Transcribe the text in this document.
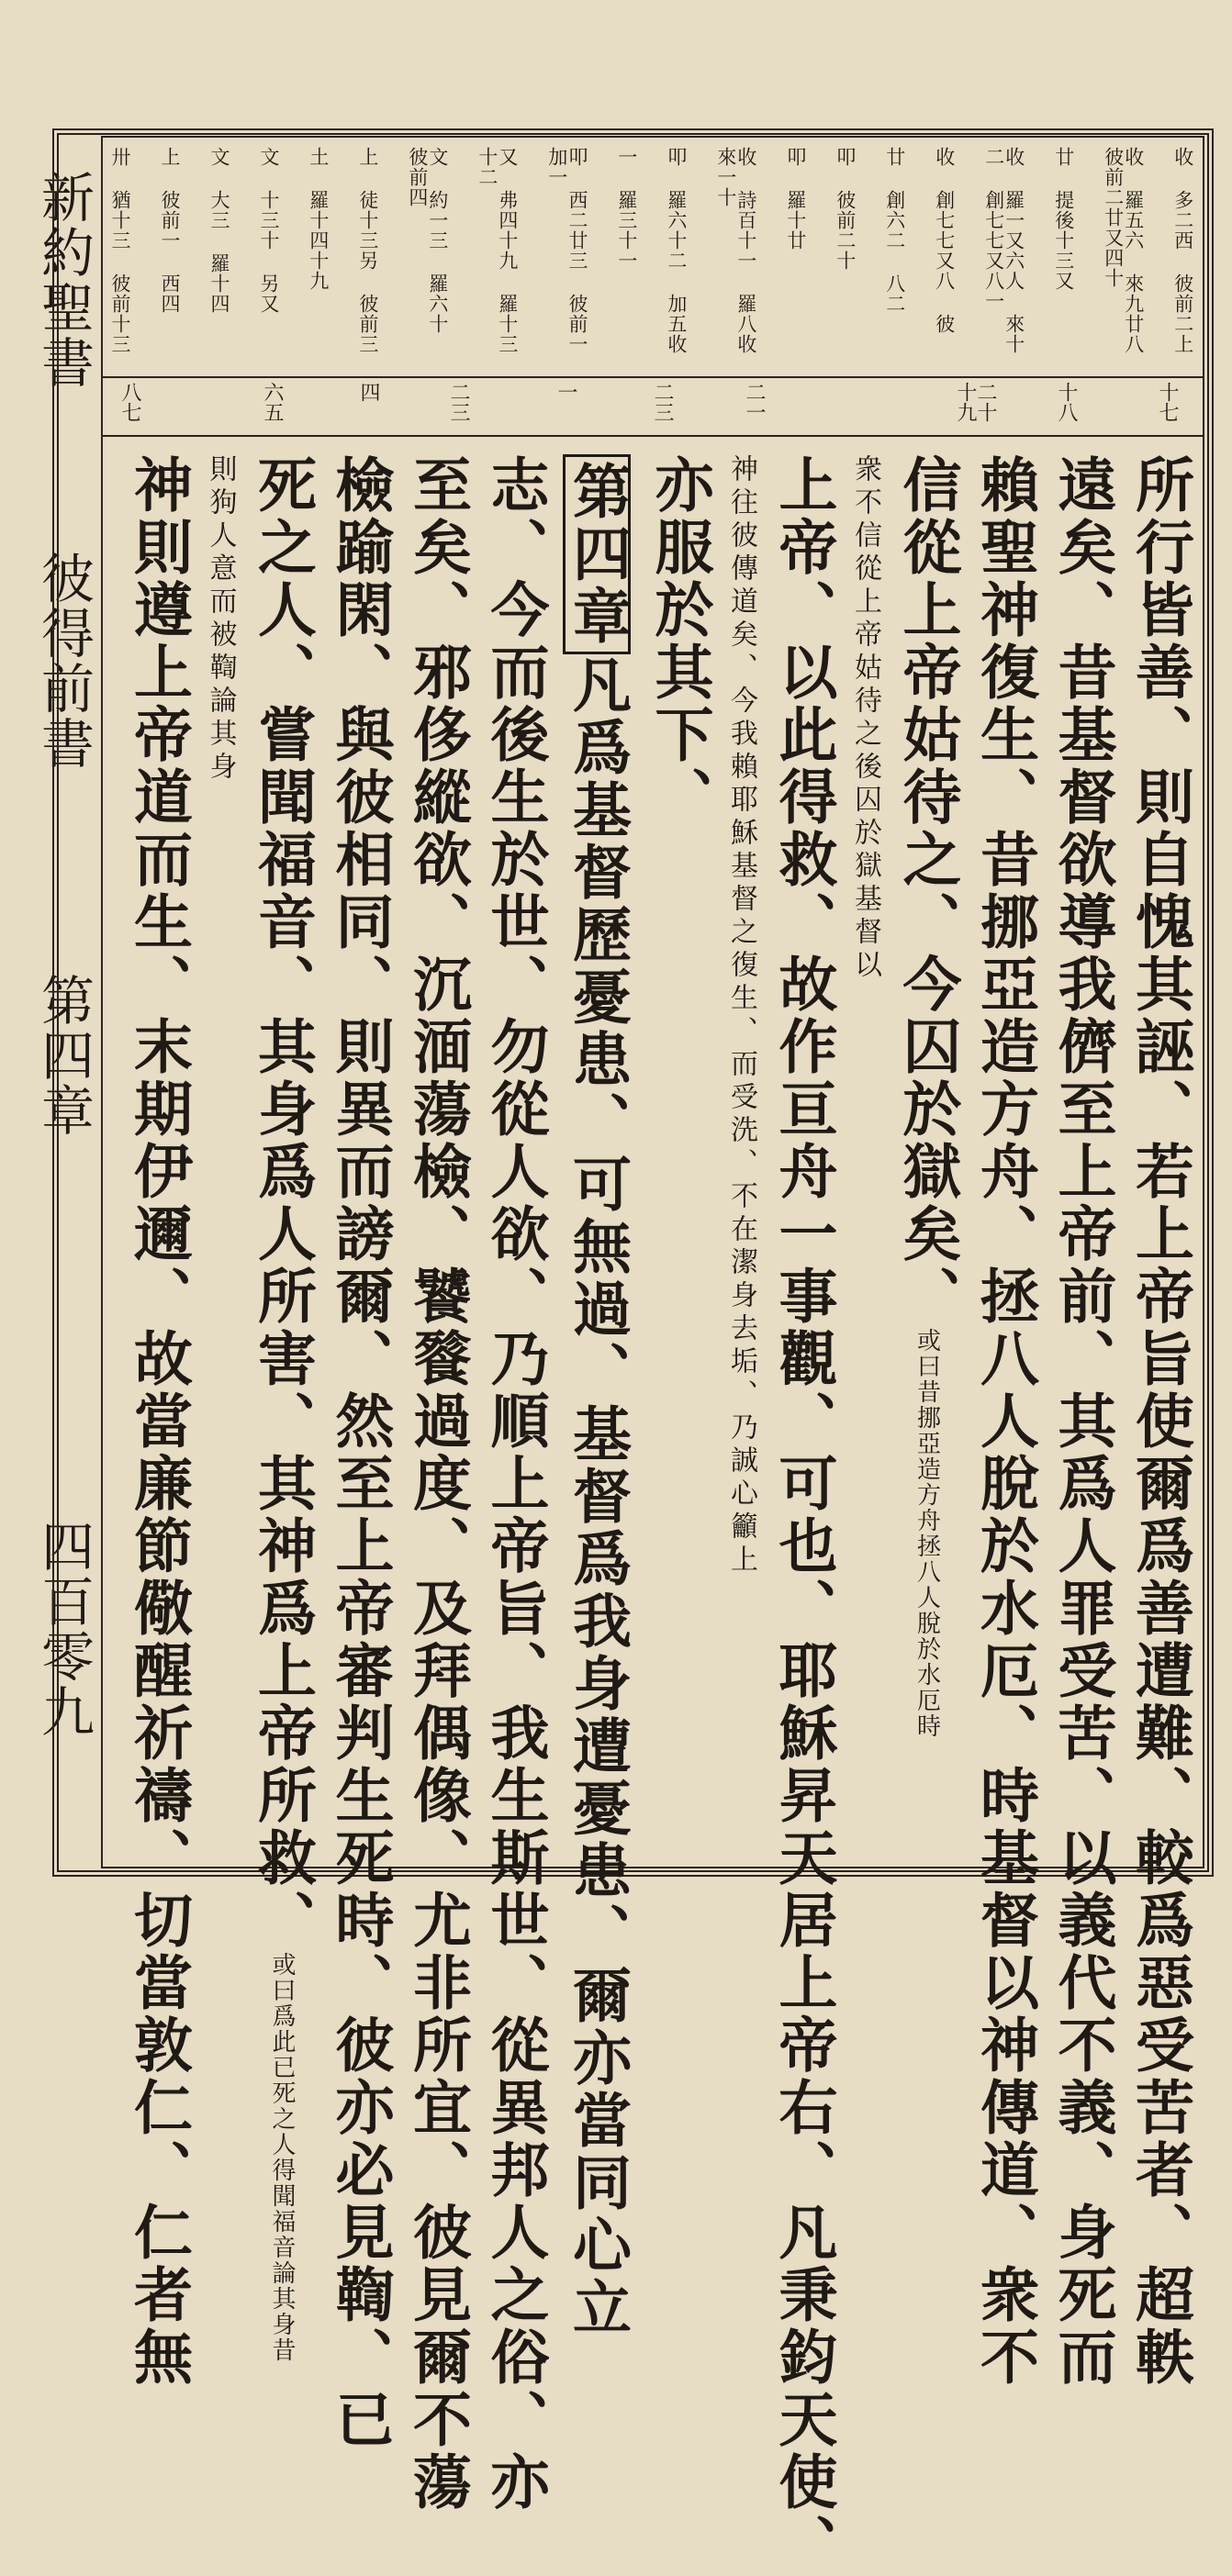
新約聖書
彼得前書
第四章
四百零九
收 多二西 彼前二上
收 羅五六 來九廿八 彼前二廿又四十
廿 提後十三又
收 羅一又六人 來十二 創七七又八一
收 創七七又八 彼
廿 創六二 八二
叩 彼前二十
叩 羅十廿
收 詩百十一 羅八收 來一十
叩 羅六十二 加五收
一 羅三十一
叩 西二廿三 彼前一 加一
又 弗四十九 羅十三十二
文 約一三 羅六十 彼前四
上 徒十三另 彼前三
土 羅十四十九
文 十三十 另又
文 大三 羅十四
上 彼前一 西四
卅 猶十三 彼前十三
十七
十八
二十十九
二一
二三
一
二三
四
六五
八七
所行皆善、則自愧其誣、若上帝旨使爾爲善遭難、較爲惡受苦者、超軼
遠矣、昔基督欲導我儕至上帝前、其爲人罪受苦、以義代不義、身死而
賴聖神復生、昔挪亞造方舟、拯八人脫於水厄、時基督以神傳道、衆不
信從上帝姑待之、今囚於獄矣、或曰昔挪亞造方舟拯八人脫於水厄時
衆不信從上帝姑待之後囚於獄基督以
上帝、以此得救、故作亘舟一事觀、可也、耶穌昇天居上帝右、凡秉鈞天使、
神往彼傳道矣、今我賴耶穌基督之復生、而受洗、不在潔身去垢、乃誠心籲上
亦服於其下、
第四章凡爲基督歷憂患、可無過、基督爲我身遭憂患、爾亦當同心立
志、今而後生於世、勿從人欲、乃順上帝旨、我生斯世、從異邦人之俗、亦
至矣、邪侈縱欲、沉湎蕩檢、饕餮過度、及拜偶像、尤非所宜、彼見爾不蕩
檢踰閑、與彼相同、則異而謗爾、然至上帝審判生死時、彼亦必見鞫、已
死之人、嘗聞福音、其身爲人所害、其神爲上帝所救、或曰爲此已死之人得聞福音論其身昔
則狗人意而被鞫論其身
神則遵上帝道而生、末期伊邇、故當廉節儆醒祈禱、切當敦仁、仁者無
